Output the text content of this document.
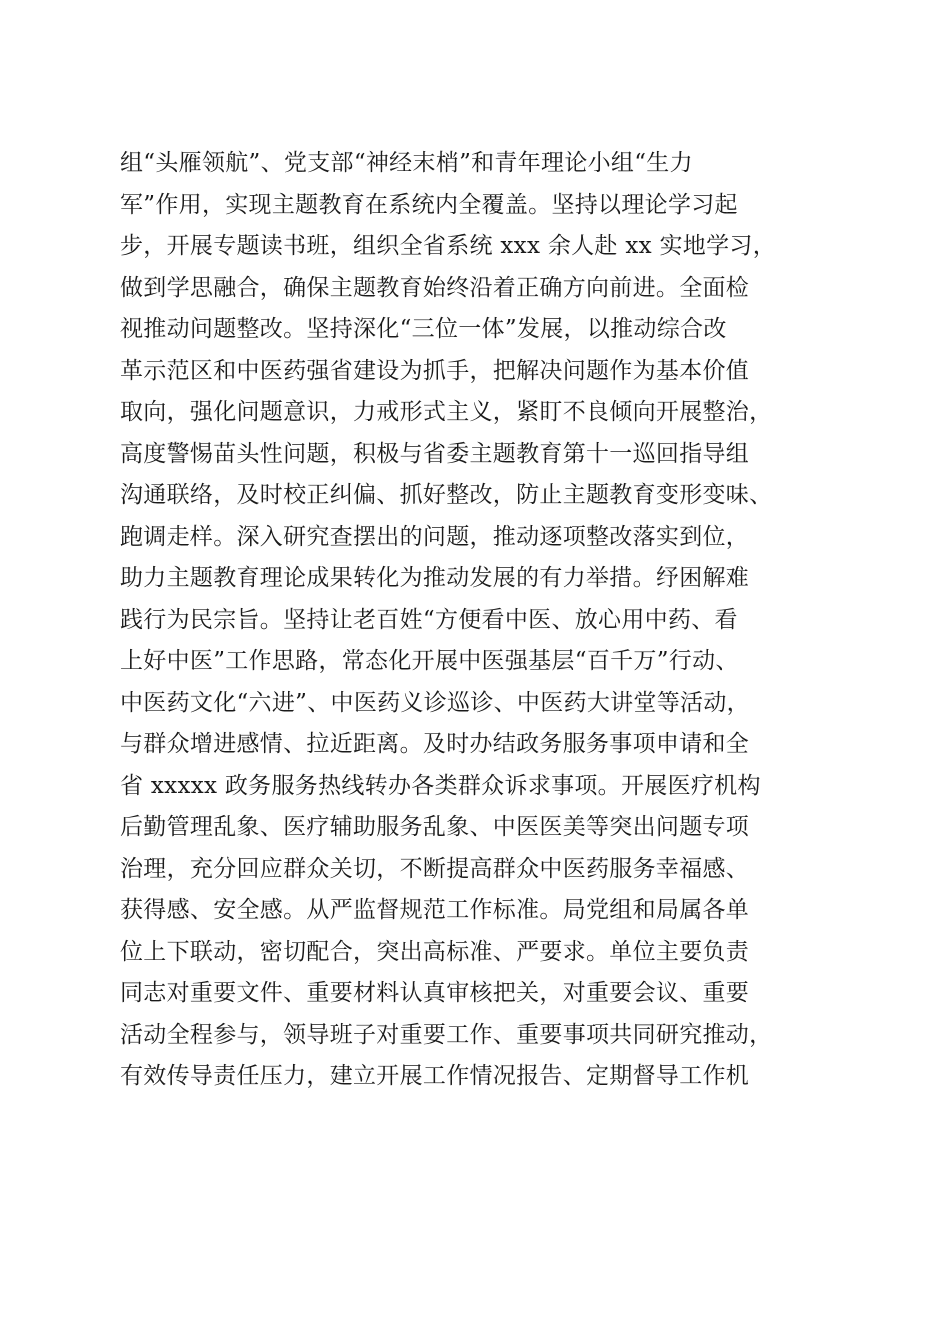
组“头雁领航”、党支部“神经末梢”和青年理论小组“生力
军”作用，实现主题教育在系统内全覆盖。坚持以理论学习起
步，开展专题读书班，组织全省系统 xxx 余人赴 xx 实地学习，
做到学思融合，确保主题教育始终沿着正确方向前进。全面检
视推动问题整改。坚持深化“三位一体”发展，以推动综合改
革示范区和中医药强省建设为抓手，把解决问题作为基本价值
取向，强化问题意识，力戒形式主义，紧盯不良倾向开展整治，
高度警惕苗头性问题，积极与省委主题教育第十一巡回指导组
沟通联络，及时校正纠偏、抓好整改，防止主题教育变形变味、
跑调走样。深入研究查摆出的问题，推动逐项整改落实到位，
助力主题教育理论成果转化为推动发展的有力举措。纾困解难
践行为民宗旨。坚持让老百姓“方便看中医、放心用中药、看
上好中医”工作思路，常态化开展中医强基层“百千万”行动、
中医药文化“六进”、中医药义诊巡诊、中医药大讲堂等活动，
与群众增进感情、拉近距离。及时办结政务服务事项申请和全
省 xxxxx 政务服务热线转办各类群众诉求事项。开展医疗机构
后勤管理乱象、医疗辅助服务乱象、中医医美等突出问题专项
治理，充分回应群众关切，不断提高群众中医药服务幸福感、
获得感、安全感。从严监督规范工作标准。局党组和局属各单
位上下联动，密切配合，突出高标准、严要求。单位主要负责
同志对重要文件、重要材料认真审核把关，对重要会议、重要
活动全程参与，领导班子对重要工作、重要事项共同研究推动，
有效传导责任压力，建立开展工作情况报告、定期督导工作机
